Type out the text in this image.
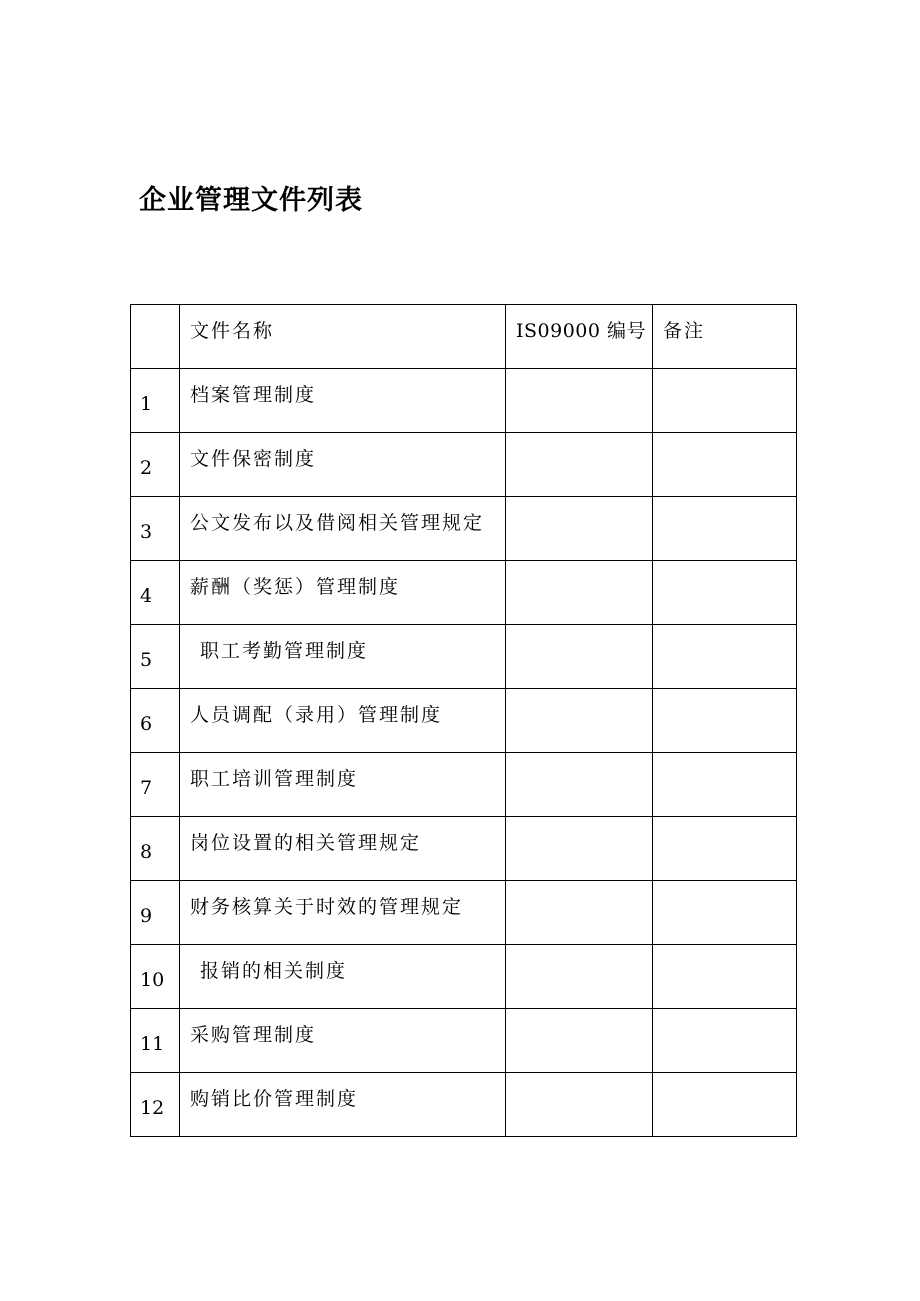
企业管理文件列表

	文件名称	IS09000 编号	备注

1	档案管理制度		

2	文件保密制度		

3	公文发布以及借阅相关管理规定		

4	薪酬（奖惩）管理制度		

5	职工考勤管理制度		

6	人员调配（录用）管理制度		

7	职工培训管理制度		

8	岗位设置的相关管理规定		

9	财务核算关于时效的管理规定		

10	报销的相关制度		

11	采购管理制度		

12	购销比价管理制度		
